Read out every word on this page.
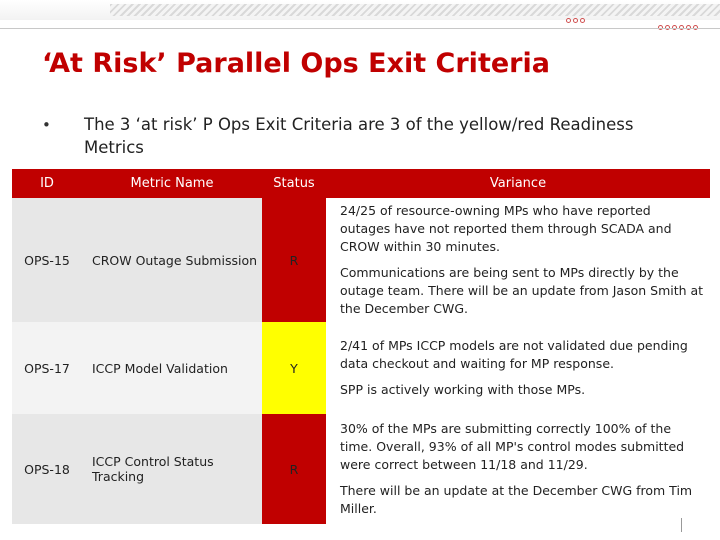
‘At Risk’ Parallel Ops Exit Criteria
• The 3 ‘at risk’ P Ops Exit Criteria are 3 of the yellow/red Readiness Metrics
ID	Metric Name	Status	Variance
OPS-15	CROW Outage Submission	R	24/25 of resource-owning MPs who have reported outages have not reported them through SCADA and CROW within 30 minutes.

Communications are being sent to MPs directly by the outage team. There will be an update from Jason Smith at the December CWG.

OPS-17	ICCP Model Validation	Y	2/41 of MPs ICCP models are not validated due pending data checkout and waiting for MP response.

SPP is actively working with those MPs.

OPS-18	ICCP Control Status Tracking	R	30% of the MPs are submitting correctly 100% of the time. Overall, 93% of all MP's control modes submitted were correct between 11/18 and 11/29.

There will be an update at the December CWG from Tim Miller.
